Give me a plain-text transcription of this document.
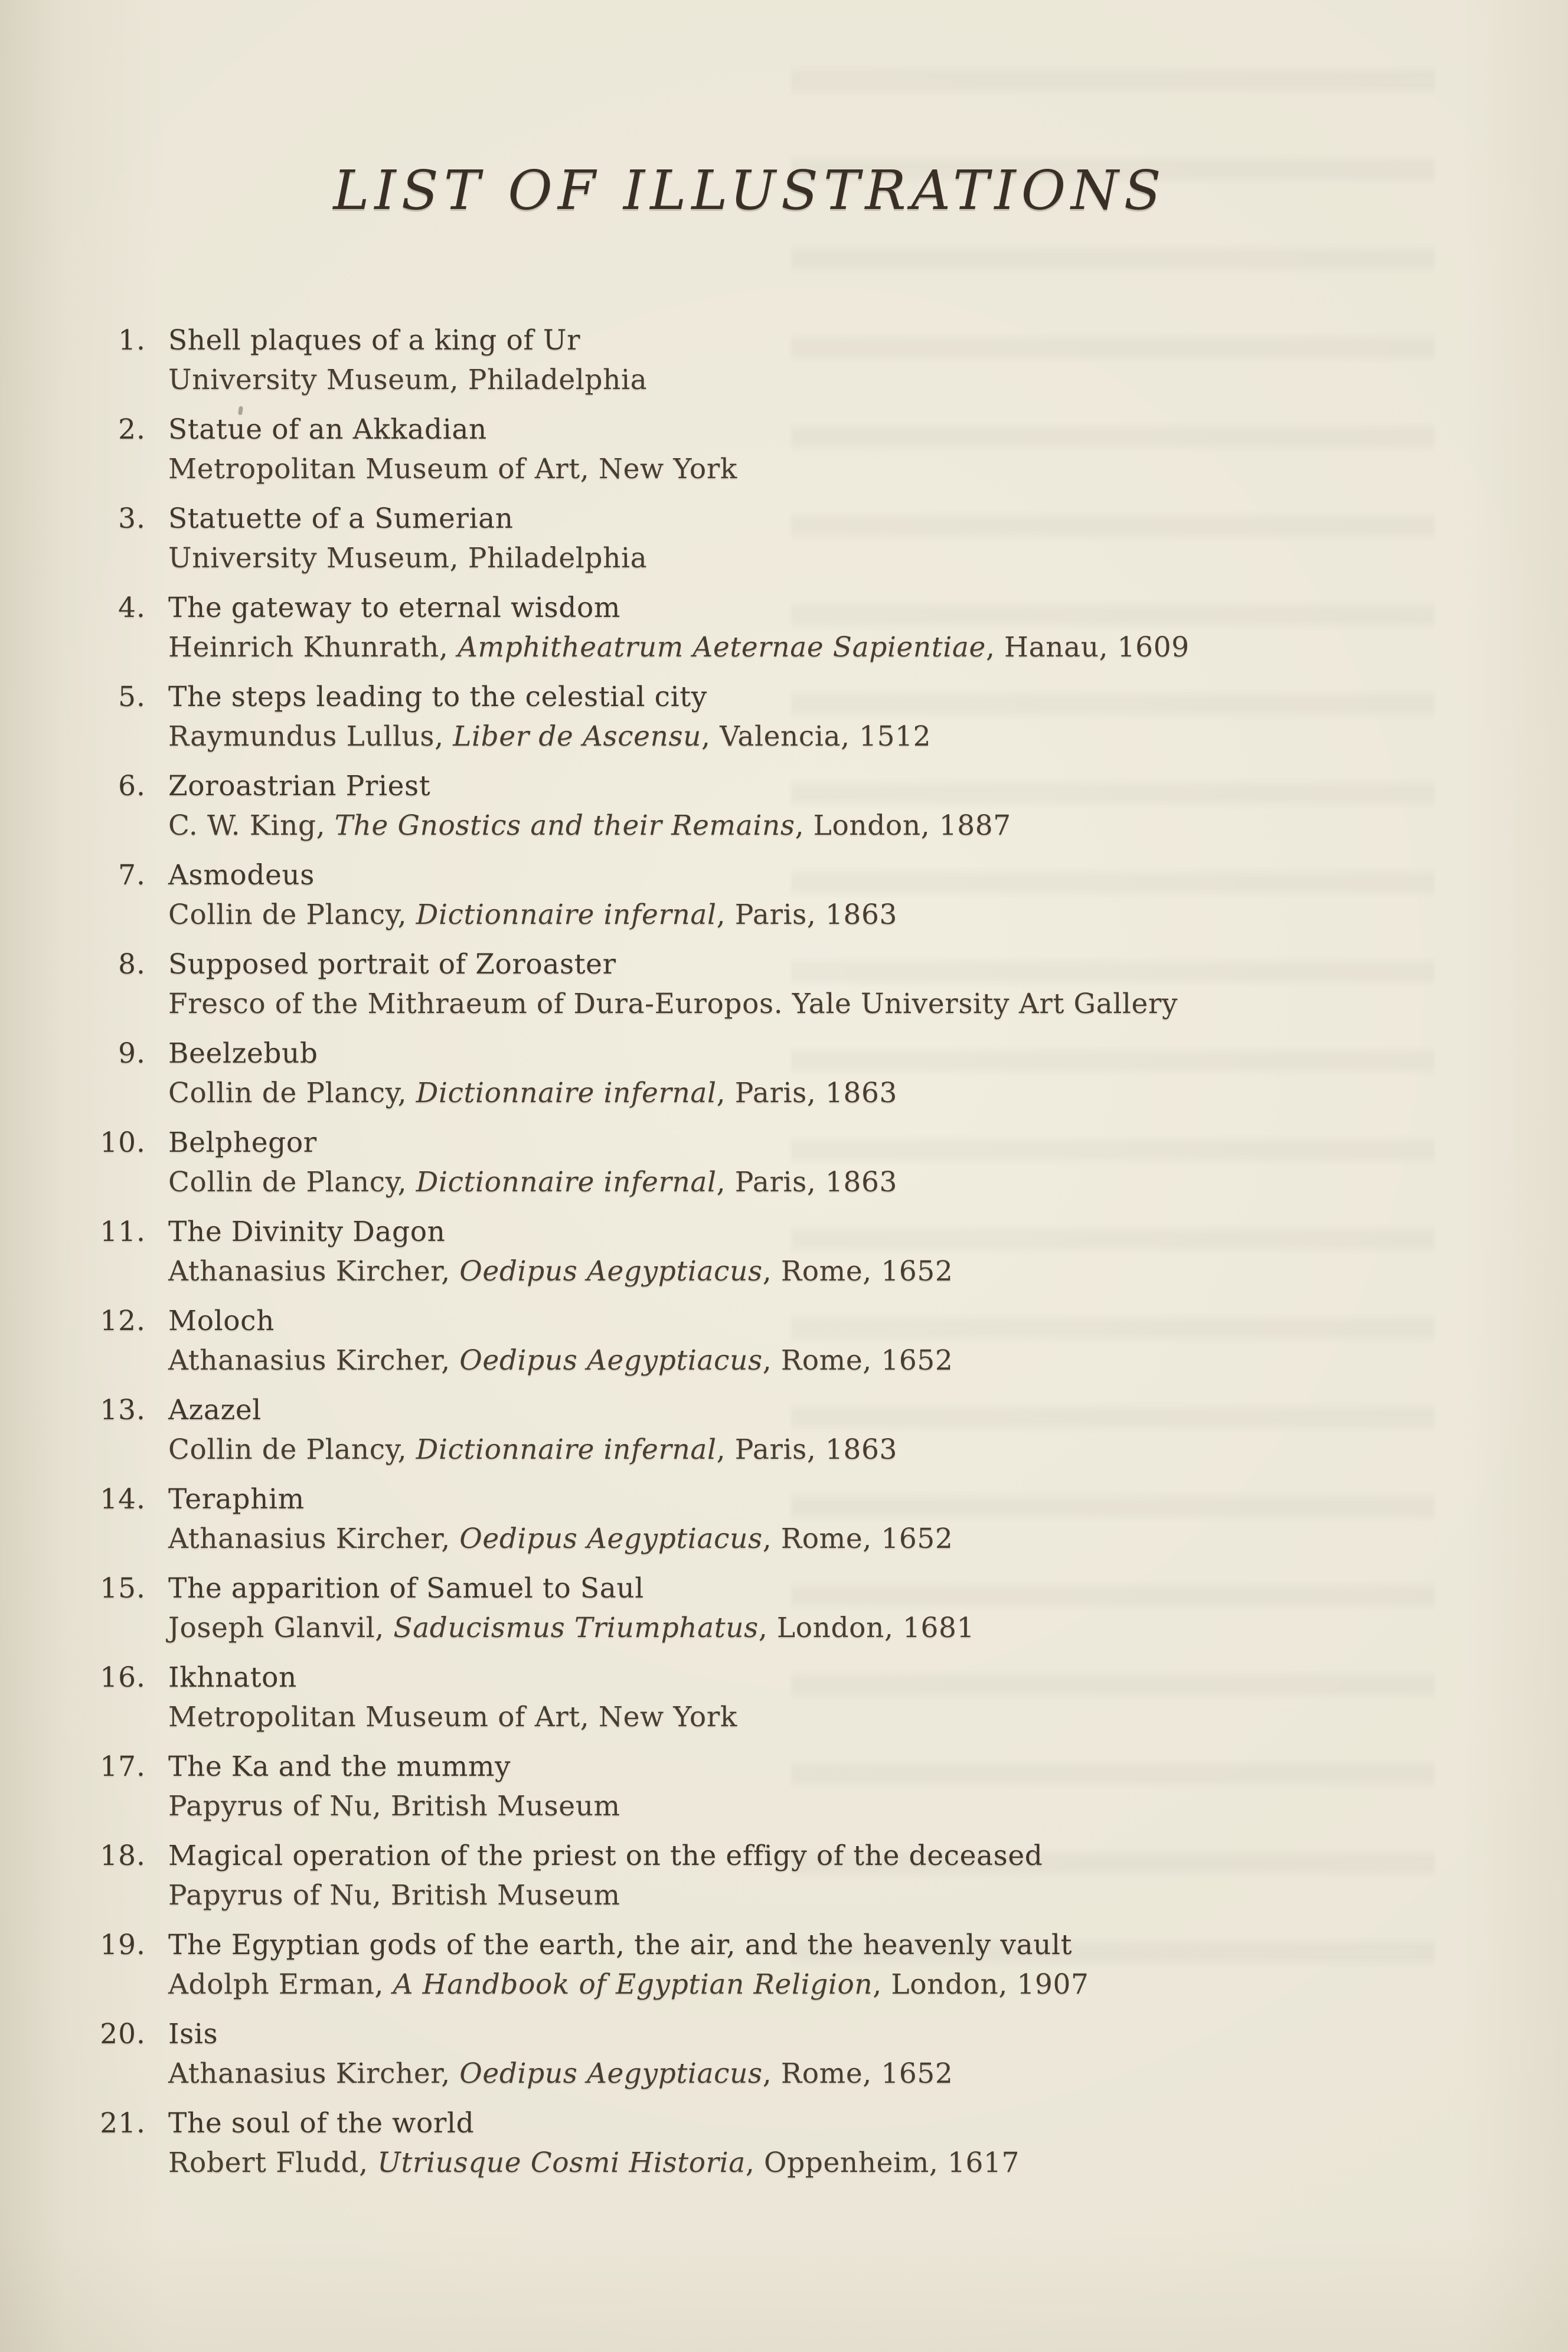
LIST OF ILLUSTRATIONS
1. Shell plaques of a king of Ur
University Museum, Philadelphia
2. Statue of an Akkadian
Metropolitan Museum of Art, New York
3. Statuette of a Sumerian
University Museum, Philadelphia
4. The gateway to eternal wisdom
Heinrich Khunrath, Amphitheatrum Aeternae Sapientiae, Hanau, 1609
5. The steps leading to the celestial city
Raymundus Lullus, Liber de Ascensu, Valencia, 1512
6. Zoroastrian Priest
C. W. King, The Gnostics and their Remains, London, 1887
7. Asmodeus
Collin de Plancy, Dictionnaire infernal, Paris, 1863
8. Supposed portrait of Zoroaster
Fresco of the Mithraeum of Dura-Europos. Yale University Art Gallery
9. Beelzebub
Collin de Plancy, Dictionnaire infernal, Paris, 1863
10. Belphegor
Collin de Plancy, Dictionnaire infernal, Paris, 1863
11. The Divinity Dagon
Athanasius Kircher, Oedipus Aegyptiacus, Rome, 1652
12. Moloch
Athanasius Kircher, Oedipus Aegyptiacus, Rome, 1652
13. Azazel
Collin de Plancy, Dictionnaire infernal, Paris, 1863
14. Teraphim
Athanasius Kircher, Oedipus Aegyptiacus, Rome, 1652
15. The apparition of Samuel to Saul
Joseph Glanvil, Saducismus Triumphatus, London, 1681
16. Ikhnaton
Metropolitan Museum of Art, New York
17. The Ka and the mummy
Papyrus of Nu, British Museum
18. Magical operation of the priest on the effigy of the deceased
Papyrus of Nu, British Museum
19. The Egyptian gods of the earth, the air, and the heavenly vault
Adolph Erman, A Handbook of Egyptian Religion, London, 1907
20. Isis
Athanasius Kircher, Oedipus Aegyptiacus, Rome, 1652
21. The soul of the world
Robert Fludd, Utriusque Cosmi Historia, Oppenheim, 1617
